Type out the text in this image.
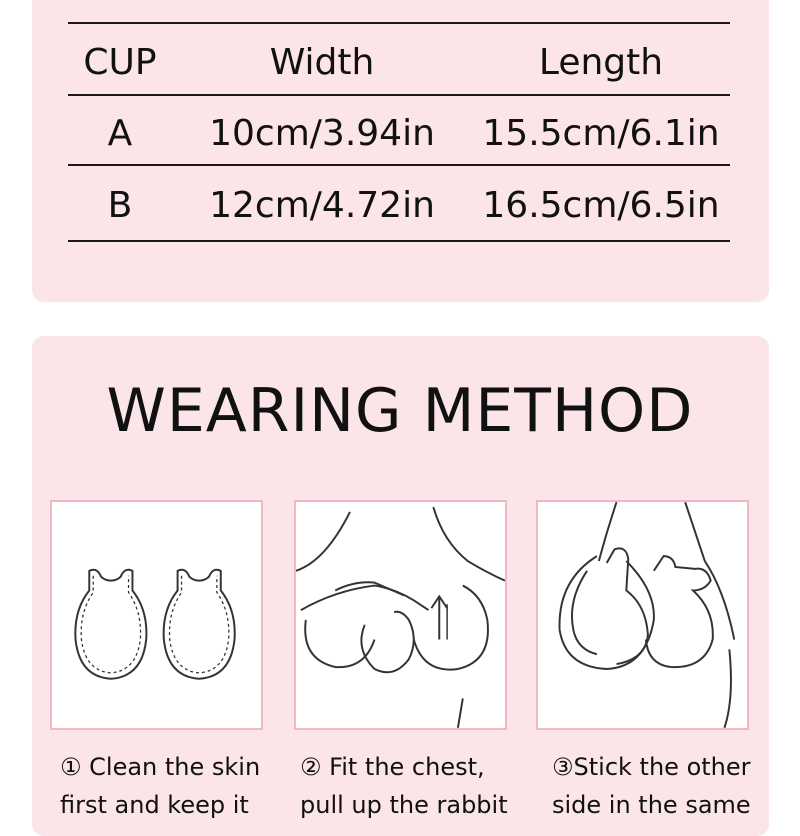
CUP	Width	Length
A	10cm/3.94in	15.5cm/6.1in
B	12cm/4.72in	16.5cm/6.5in
WEARING METHOD
① Clean the skin ② Fit the chest,	③Stick the other
first and keep it pull up the rabbit side in the same
